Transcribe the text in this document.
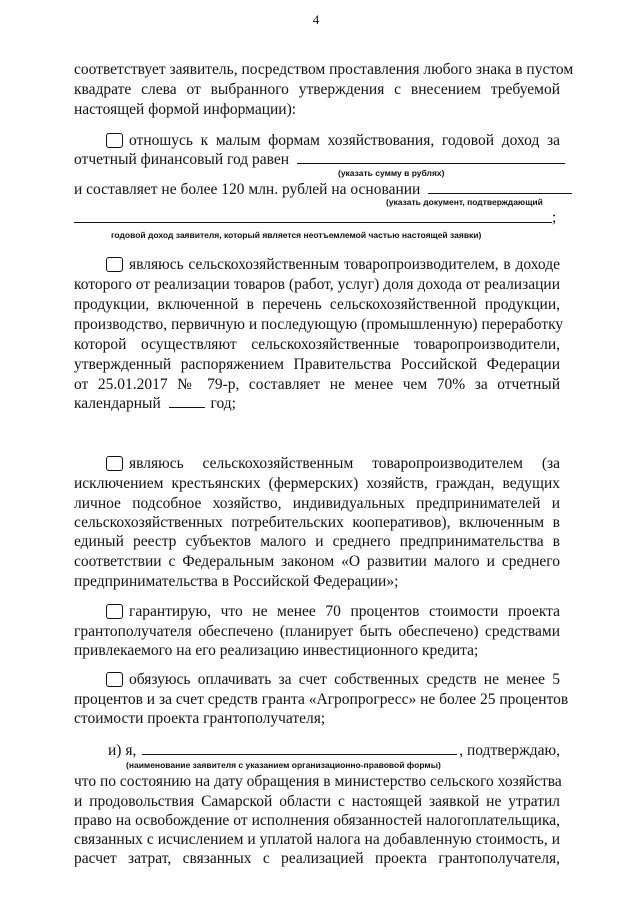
4
соответствует заявитель, посредством проставления любого знака в пустом
квадрате слева от выбранного утверждения с внесением требуемой
настоящей формой информации):
отношусь к малым формам хозяйствования, годовой доход за
отчетный финансовый год равен
(указать сумму в рублях)
и составляет не более 120 млн. рублей на основании
(указать документ, подтверждающий
;
годовой доход заявителя, который является неотъемлемой частью настоящей заявки)
являюсь сельскохозяйственным товаропроизводителем, в доходе
которого от реализации товаров (работ, услуг) доля дохода от реализации
продукции, включенной в перечень сельскохозяйственной продукции,
производство, первичную и последующую (промышленную) переработку
которой осуществляют сельскохозяйственные товаропроизводители,
утвержденный распоряжением Правительства Российской Федерации
от 25.01.2017 № 79-р, составляет не менее чем 70% за отчетный
календарный	год;
являюсь сельскохозяйственным товаропроизводителем (за
исключением крестьянских (фермерских) хозяйств, граждан, ведущих
личное подсобное хозяйство, индивидуальных предпринимателей и
сельскохозяйственных потребительских кооперативов), включенным в
единый реестр субъектов малого и среднего предпринимательства в
соответствии с Федеральным законом «О развитии малого и среднего
предпринимательства в Российской Федерации»;
гарантирую, что не менее 70 процентов стоимости проекта
грантополучателя обеспечено (планирует быть обеспечено) средствами
привлекаемого на его реализацию инвестиционного кредита;
обязуюсь оплачивать за счет собственных средств не менее 5
процентов и за счет средств гранта «Агропрогресс» не более 25 процентов
стоимости проекта грантополучателя;
и) я,	, подтверждаю,
(наименование заявителя с указанием организационно-правовой формы)
что по состоянию на дату обращения в министерство сельского хозяйства
и продовольствия Самарской области с настоящей заявкой не утратил
право на освобождение от исполнения обязанностей налогоплательщика,
связанных с исчислением и уплатой налога на добавленную стоимость, и
расчет затрат, связанных с реализацией проекта грантополучателя,
